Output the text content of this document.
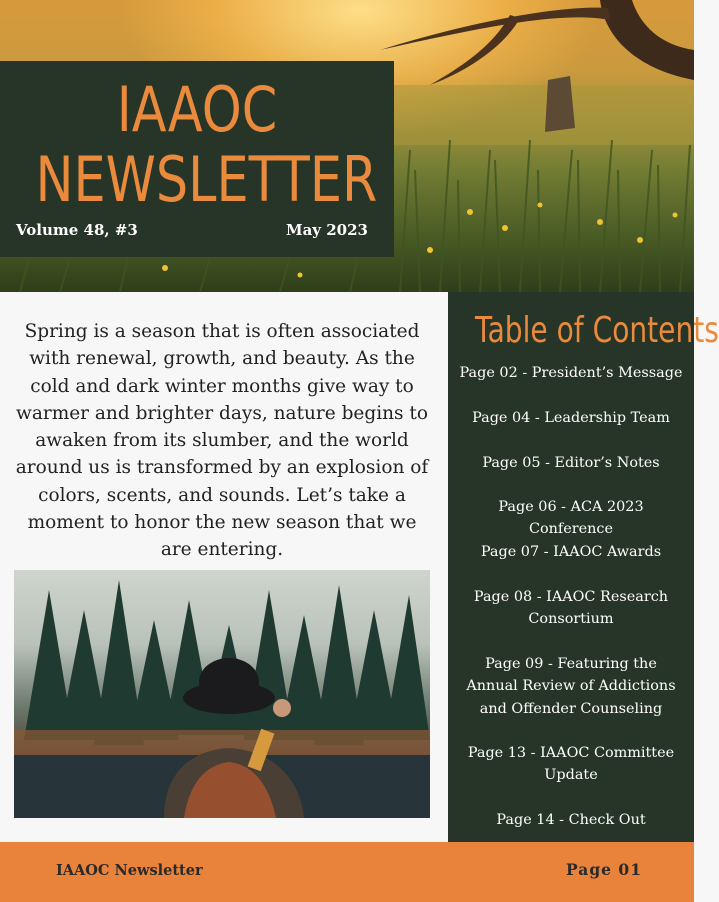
IAAOC
NEWSLETTER
Volume 48, #3	May 2023
Spring is a season that is often associated with renewal, growth, and beauty. As the cold and dark winter months give way to warmer and brighter days, nature begins to awaken from its slumber, and the world around us is transformed by an explosion of colors, scents, and sounds. Let’s take a moment to honor the new season that we are entering.
Table of Contents
Page 02 - President’s Message
Page 04 - Leadership Team
Page 05 - Editor’s Notes
Page 06 - ACA 2023 Conference
Page 07 - IAAOC Awards
Page 08 - IAAOC Research Consortium
Page 09 - Featuring the Annual Review of Addictions and Offender Counseling
Page 13 - IAAOC Committee Update
Page 14 - Check Out
IAAOC Newsletter	Page 01
